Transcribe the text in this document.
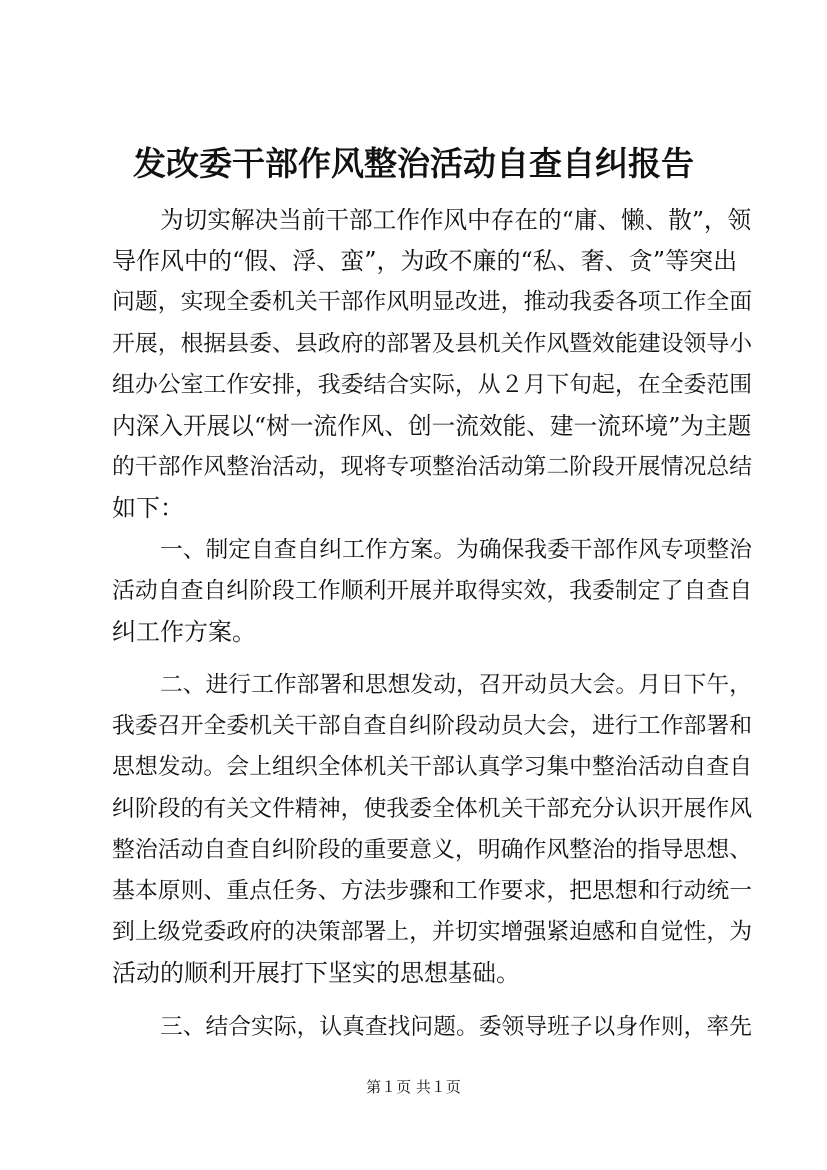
发改委干部作风整治活动自查自纠报告
为切实解决当前干部工作作风中存在的“庸、懒、散”，领
导作风中的“假、浮、蛮”，为政不廉的“私、奢、贪”等突出
问题，实现全委机关干部作风明显改进，推动我委各项工作全面
开展，根据县委、县政府的部署及县机关作风暨效能建设领导小
组办公室工作安排，我委结合实际，从２月下旬起，在全委范围
内深入开展以“树一流作风、创一流效能、建一流环境”为主题
的干部作风整治活动，现将专项整治活动第二阶段开展情况总结
如下：
一、制定自查自纠工作方案。为确保我委干部作风专项整治
活动自查自纠阶段工作顺利开展并取得实效，我委制定了自查自
纠工作方案。
二、进行工作部署和思想发动，召开动员大会。月日下午，
我委召开全委机关干部自查自纠阶段动员大会，进行工作部署和
思想发动。会上组织全体机关干部认真学习集中整治活动自查自
纠阶段的有关文件精神，使我委全体机关干部充分认识开展作风
整治活动自查自纠阶段的重要意义，明确作风整治的指导思想、
基本原则、重点任务、方法步骤和工作要求，把思想和行动统一
到上级党委政府的决策部署上，并切实增强紧迫感和自觉性，为
活动的顺利开展打下坚实的思想基础。
三、结合实际，认真查找问题。委领导班子以身作则，率先
第１页 共１页
